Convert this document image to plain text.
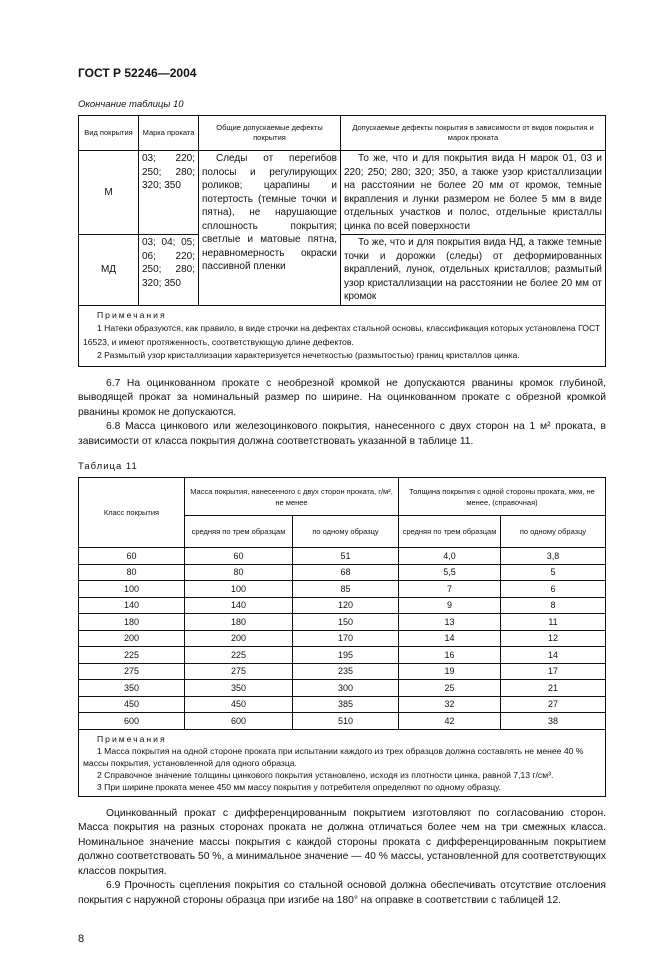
ГОСТ Р 52246—2004
Окончание таблицы 10
Вид покрытия	Марка проката	Общие допускаемые дефекты покрытия	Допускаемые дефекты покрытия в зависимости от видов покрытия и марок проката
М	03; 220; 250; 280; 320; 350	Следы от перегибов полосы и регулирующих роликов; царапины и потертость (темные точки и пятна), не нарушающие сплошность покрытия; светлые и матовые пятна, неравномерность окраски пассивной пленки	То же, что и для покрытия вида Н марок 01, 03 и 220; 250; 280; 320; 350, а также узор кристаллизации на расстоянии не более 20 мм от кромок, темные вкрапления и лунки размером не более 5 мм в виде отдельных участков и полос, отдельные кристаллы цинка по всей поверхности
МД	03; 04; 05; 06; 220; 250; 280; 320; 350		То же, что и для покрытия вида НД, а также темные точки и дорожки (следы) от деформированных вкраплений, лунок, отдельных кристаллов; размытый узор кристаллизации на расстоянии не более 20 мм от кромок

Примечания
1 Натеки образуются, как правило, в виде строчки на дефектах стальной основы, классификация которых установлена ГОСТ 16523, и имеют протяженность, соответствующую длине дефектов.
2 Размытый узор кристаллизации характеризуется нечеткостью (размытостью) границ кристаллов цинка.			
6.7 На оцинкованном прокате с необрезной кромкой не допускаются рванины кромок глубиной, выводящей прокат за номинальный размер по ширине. На оцинкованном прокате с обрезной кромкой рванины кромок не допускаются.
6.8 Масса цинкового или железоцинкового покрытия, нанесенного с двух сторон на 1 м² проката, в зависимости от класса покрытия должна соответствовать указанной в таблице 11.
Таблица 11
Класс покрытия	Масса покрытия, нанесенного с двух сторон проката, г/м², не менее		Толщина покрытия с одной стороны проката, мкм, не менее, (справочная)	
	средняя по трем образцам	по одному образцу	средняя по трем образцам	по одному образцу
60	60	51	4,0	3,8
80	80	68	5,5	5
100	100	85	7	6
140	140	120	9	8
180	180	150	13	11
200	200	170	14	12
225	225	195	16	14
275	275	235	19	17
350	350	300	25	21
450	450	385	32	27
600	600	510	42	38

Примечания
1 Масса покрытия на одной стороне проката при испытании каждого из трех образцов должна составлять не менее 40 % массы покрытия, установленной для одного образца.
2 Справочное значение толщины цинкового покрытия установлено, исходя из плотности цинка, равной 7,13 г/см³.
3 При ширине проката менее 450 мм массу покрытия у потребителя определяют по одному образцу.				
Оцинкованный прокат с дифференцированным покрытием изготовляют по согласованию сторон. Масса покрытия на разных сторонах проката не должна отличаться более чем на три смежных класса. Номинальное значение массы покрытия с каждой стороны проката с дифференцированным покрытием должно соответствовать 50 %, а минимальное значение — 40 % массы, установленной для соответствующих классов покрытия.
6.9 Прочность сцепления покрытия со стальной основой должна обеспечивать отсутствие отслоения покрытия с наружной стороны образца при изгибе на 180° на оправке в соответствии с таблицей 12.
8
